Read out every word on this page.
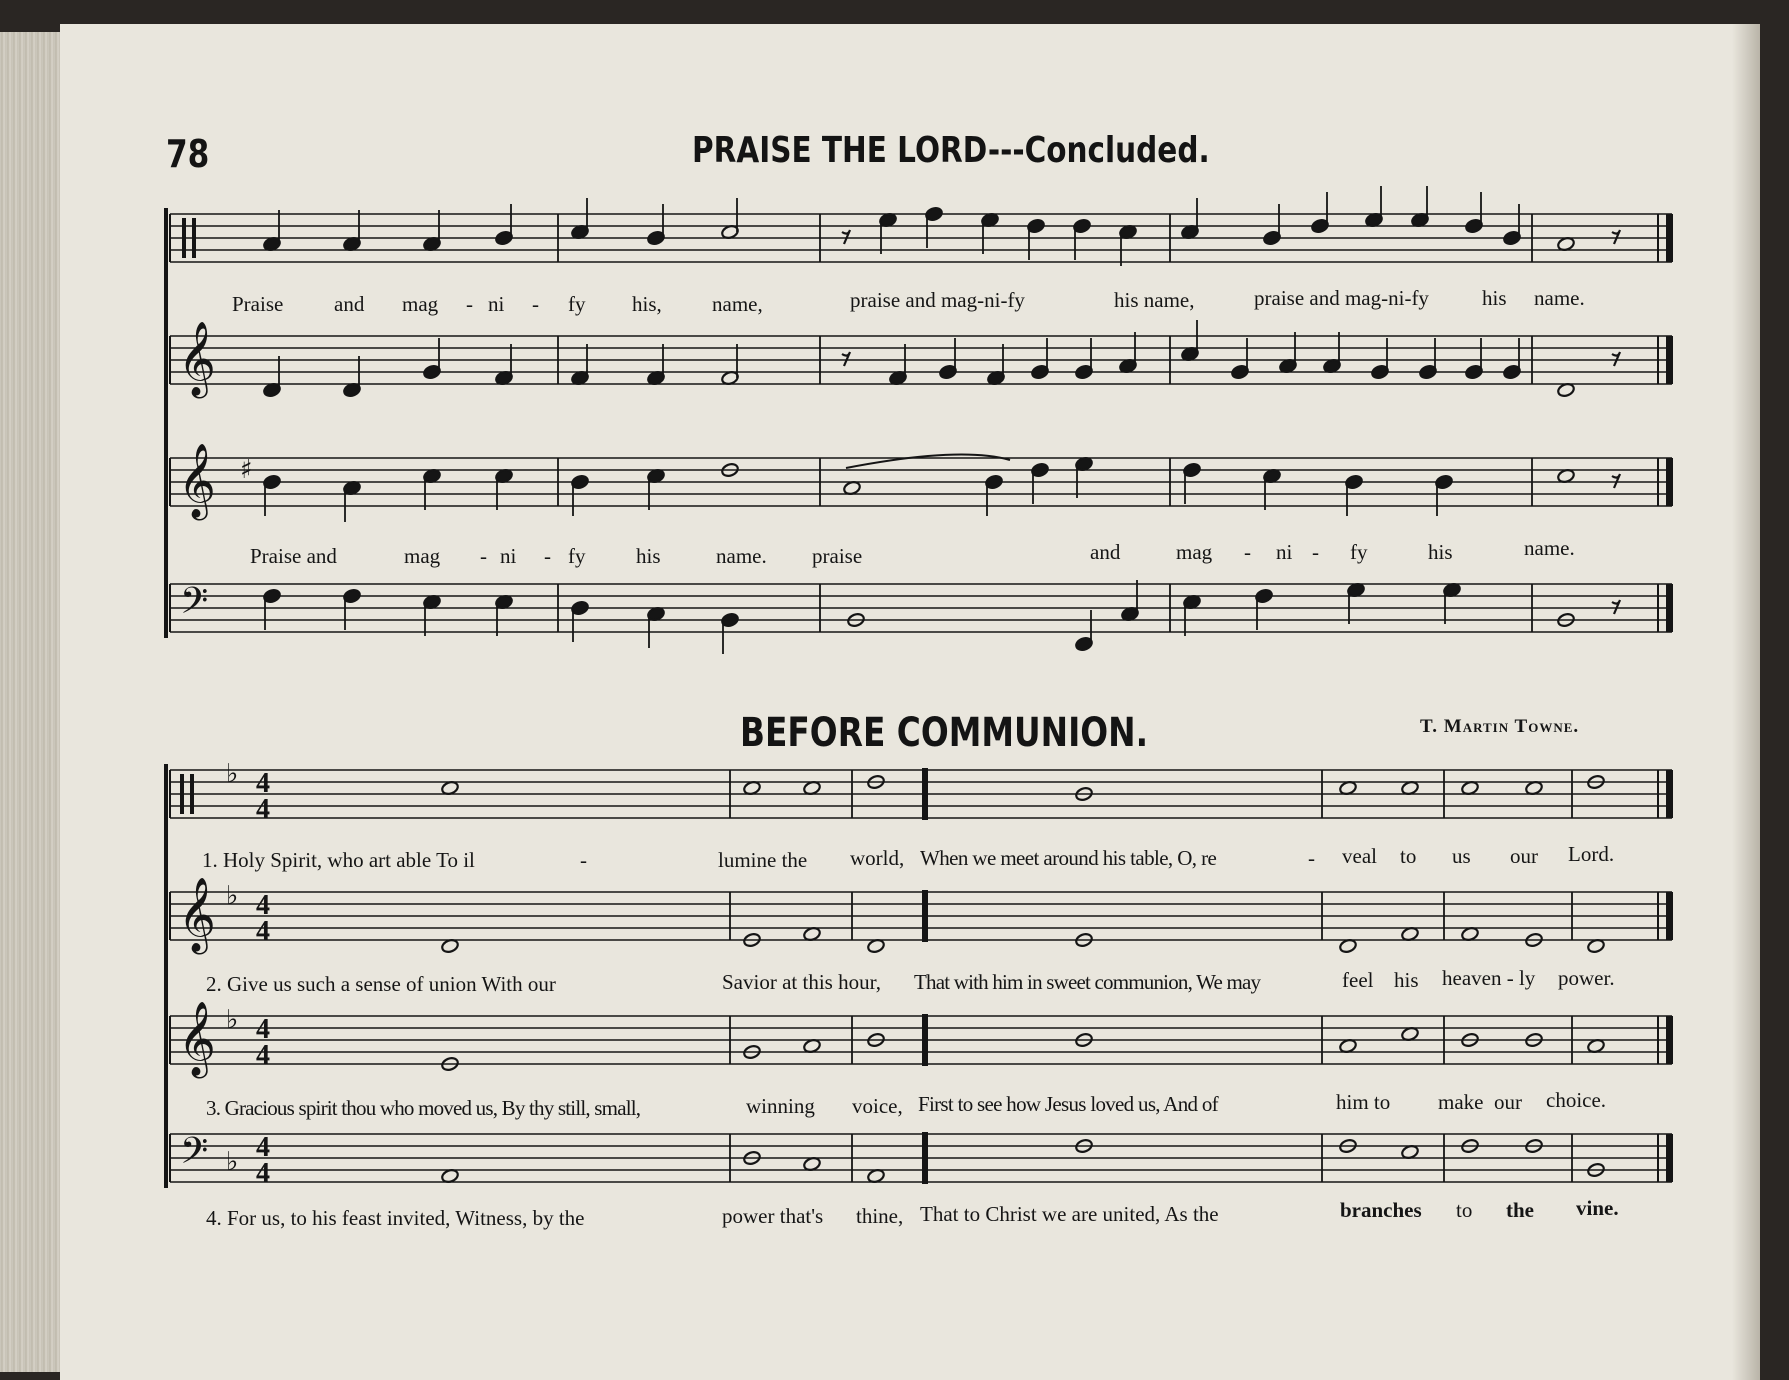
𝄞
𝄞
𝄢
♯
4
4
4
4
4
4
4
4
𝄞
𝄞
𝄢
♭
♭
♭
♭
78	PRAISE THE LORD---Concluded.
Praise and mag - ni - fy his, name,	praise and mag-ni-fy	his name,	praise and mag-ni-fy	his name.
Praise and	mag - ni - fy his	name. praise	and	mag - ni - fy	his	name.
BEFORE COMMUNION.	T. Martin Towne.
1. Holy Spirit, who art able To il	-	lumine the world, When we meet around his table, O, re	- veal to us our Lord.
2. Give us such a sense of union With our	Savior at this hour, That with him in sweet communion, We may	feel his heaven - ly power.
3. Gracious spirit thou who moved us, By thy still, small,	winning voice, First to see how Jesus loved us, And of	him to make our choice.
4. For us, to his feast invited, Witness, by the	power that's thine, That to Christ we are united, As the	branches to the vine.
